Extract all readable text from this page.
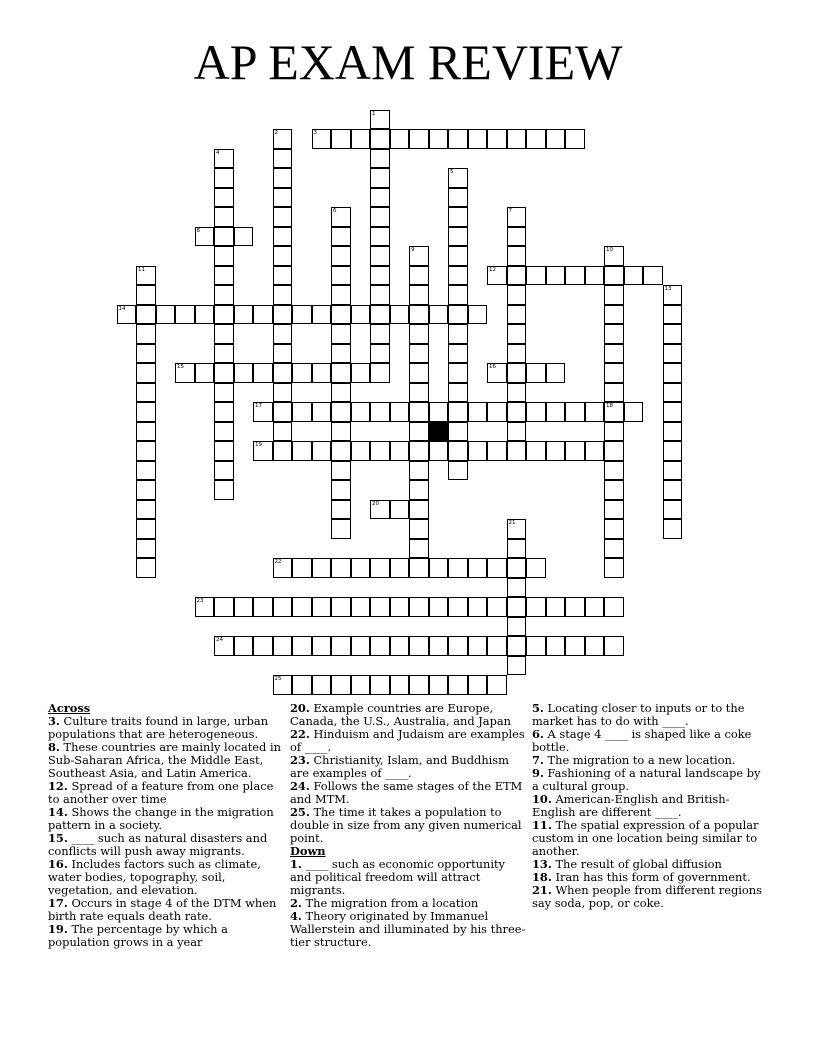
AP EXAM REVIEW
3
8
12
14
15	16
17	18
19
20
22
23
24
25
1
2
4
5
6	7
9	10
11
13
21
Across
3. Culture traits found in large, urban populations that are heterogeneous.
8. These countries are mainly located in Sub-Saharan Africa, the Middle East, Southeast Asia, and Latin America.
12. Spread of a feature from one place to another over time
14. Shows the change in the migration pattern in a society.
15. ____ such as natural disasters and conflicts will push away migrants.
16. Includes factors such as climate, water bodies, topography, soil, vegetation, and elevation.
17. Occurs in stage 4 of the DTM when birth rate equals death rate.
19. The percentage by which a population grows in a year
20. Example countries are Europe, Canada, the U.S., Australia, and Japan
22. Hinduism and Judaism are examples of ____.
23. Christianity, Islam, and Buddhism are examples of ____.
24. Follows the same stages of the ETM and MTM.
25. The time it takes a population to double in size from any given numerical point.
Down
1. ____ such as economic opportunity and political freedom will attract migrants.
2. The migration from a location
4. Theory originated by Immanuel Wallerstein and illuminated by his three-tier structure.
5. Locating closer to inputs or to the market has to do with ____.
6. A stage 4 ____ is shaped like a coke bottle.
7. The migration to a new location.
9. Fashioning of a natural landscape by a cultural group.
10. American-English and British-English are different ____.
11. The spatial expression of a popular custom in one location being similar to another.
13. The result of global diffusion
18. Iran has this form of government.
21. When people from different regions say soda, pop, or coke.
